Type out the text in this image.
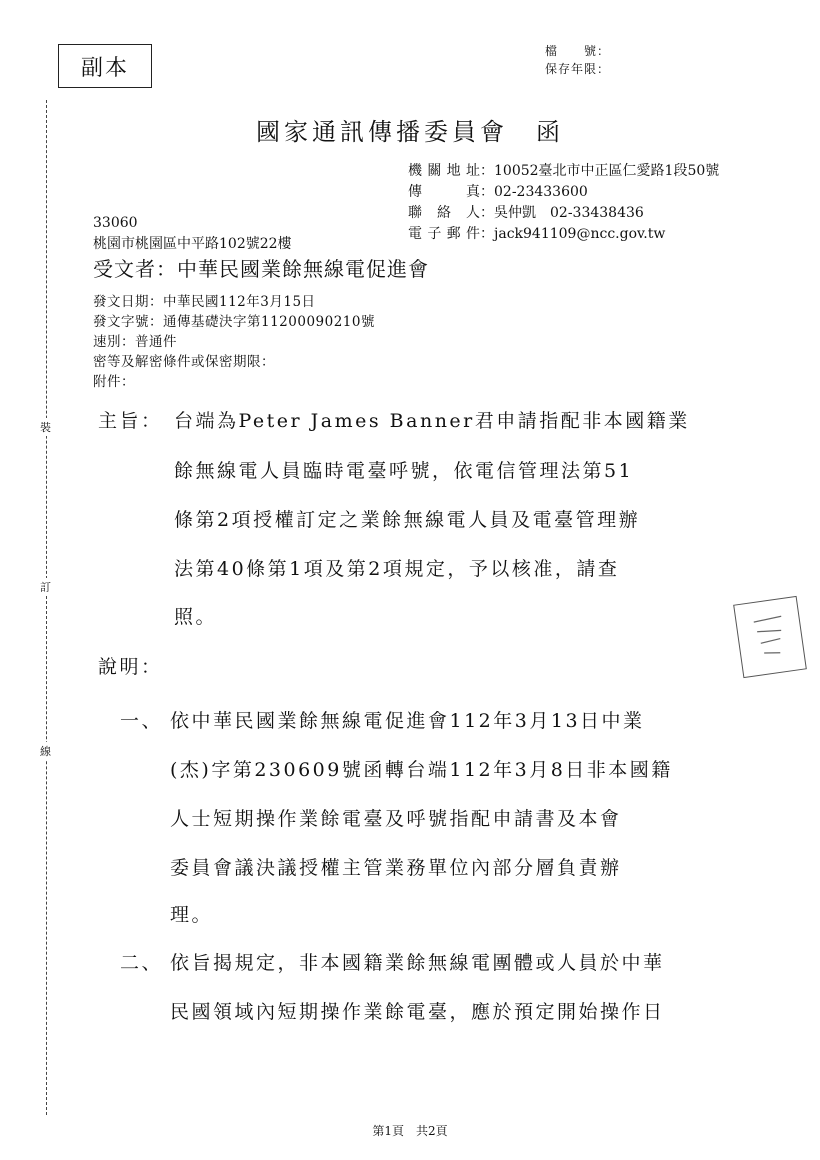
副本
檔　　號：
保存年限：
國家通訊傳播委員會　函
機關地址：10052臺北市中正區仁愛路1段50號
傳真：02-23433600
聯絡人：吳仲凱　02-33438436
電子郵件：jack941109@ncc.gov.tw
33060
桃園市桃園區中平路102號22樓
受文者：中華民國業餘無線電促進會
發文日期：中華民國112年3月15日
發文字號：通傳基礎決字第11200090210號
速別：普通件
密等及解密條件或保密期限：
附件：
裝
訂
線
主旨： 台端為Peter James Banner君申請指配非本國籍業
餘無線電人員臨時電臺呼號，依電信管理法第51
條第2項授權訂定之業餘無線電人員及電臺管理辦
法第40條第1項及第2項規定，予以核准，請查
照。
說明：
一、 依中華民國業餘無線電促進會112年3月13日中業
(杰)字第230609號函轉台端112年3月8日非本國籍
人士短期操作業餘電臺及呼號指配申請書及本會
委員會議決議授權主管業務單位內部分層負責辦
理。
二、 依旨揭規定，非本國籍業餘無線電團體或人員於中華
民國領域內短期操作業餘電臺，應於預定開始操作日
第1頁　共2頁
